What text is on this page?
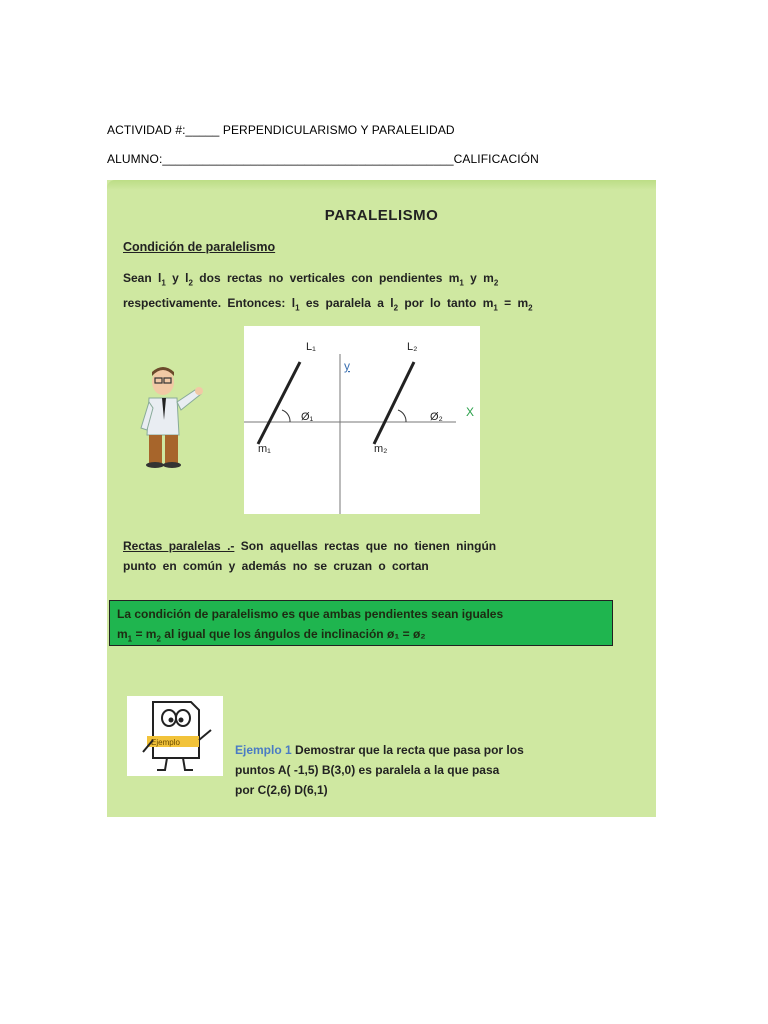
ACTIVIDAD #:_____ PERPENDICULARISMO Y PARALELIDAD
ALUMNO:___________________________________________CALIFICACIÓN
PARALELISMO
Condición de paralelismo
Sean $l_1$ y $l_2$ dos rectas no verticales con pendientes $m_1$ y $m_2$
respectivamente. Entonces: $l_1$ es paralela a $l_2$ por lo tanto $m_1 = m_2$
L₁	L₂
y
X
Ø₁	Ø₂
m₁	m₂
Rectas paralelas .- Son aquellas rectas que no tienen ningún
punto en común y además no se cruzan o cortan
La condición de paralelismo es que ambas pendientes sean iguales
$m_1 = m_2$ al igual que los ángulos de inclinación ø₁ = ø₂
Ejemplo
Ejemplo 1 Demostrar que la recta que pasa por los
puntos A( -1,5) B(3,0) es paralela a la que pasa
por C(2,6) D(6,1)
